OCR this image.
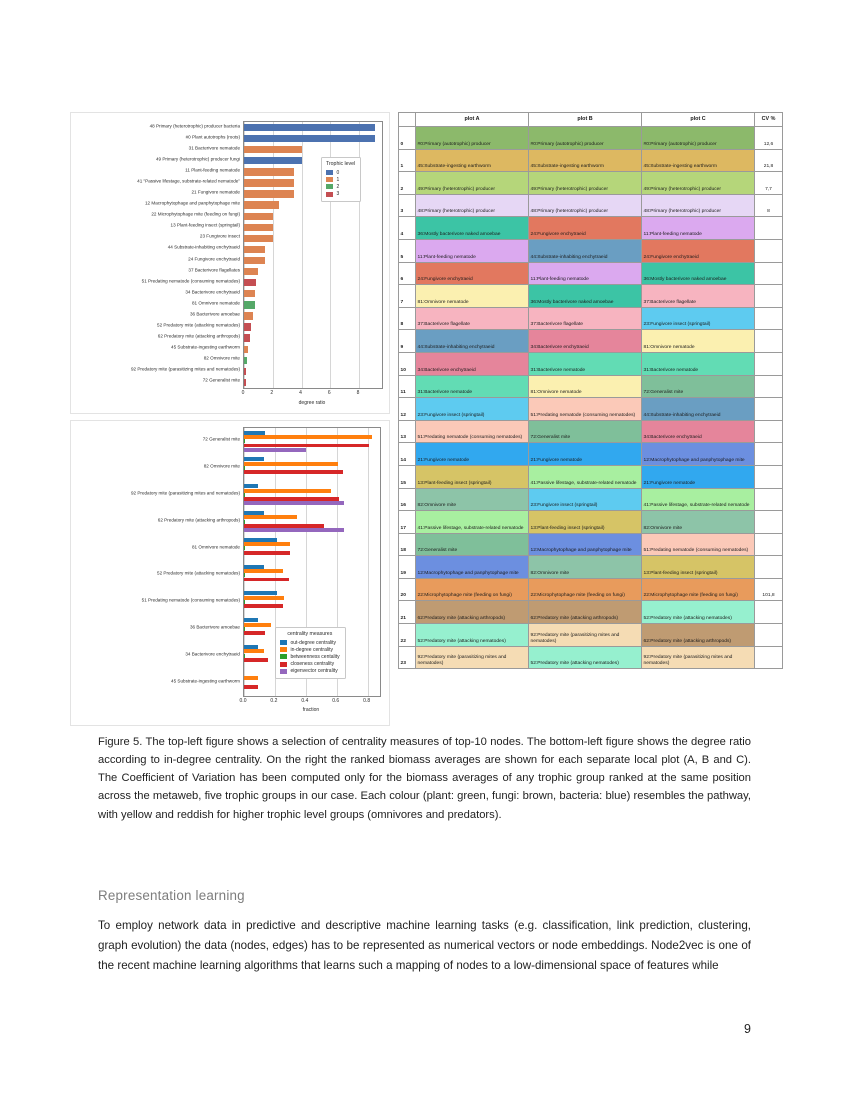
0	2	4	6	8
degree ratio
48 Primary (heterotrophic) producer bacteria
#0 Plant autotrophs (roots)
31 Bacterivore nematode
49 Primary (heterotrophic) producer fungi
11 Plant-feeding nematode
41 "Passive lifestage, substrate-related nematode"
21 Fungivore nematode
12 Macrophytophage and panphytophage mite
22 Microphytophage mite (feeding on fungi)
13 Plant-feeding insect (springtail)
23 Fungivore insect
44 Substrate-inhabiting enchytraeid
24 Fungivore enchytraeid
37 Bacterivore flagellates
51 Predating nematode (consuming nematodes)
34 Bacterivore enchytraeid
81 Omnivore nematode
36 Bacterivore amoebae
52 Predatory mite (attacking nematodes)
62 Predatory mite (attacking arthropods)
45 Substrate-ingesting earthworm
82 Omnivore mite
92 Predatory mite (parasitizing mites and nematodes)
72 Generalist mite
Trophic level
0
1
2
3
0.0	0.2	0.4	0.6	0.8
fraction
72 Generalist mite
82 Omnivore mite
92 Predatory mite (parasitizing mites and nematodes)
62 Predatory mite (attacking arthropods)
81 Omnivore nematode
52 Predatory mite (attacking nematodes)
51 Predating nematode (consuming nematodes)
36 Bacterivore amoebae
34 Bacterivore enchytraeid
45 Substrate-ingesting earthworm
centrality measures
out-degree centrality
in-degree centrality
betweenness centality
closeness centrality
eigenvector centrality
	plot A	plot B	plot C	CV %
0	#0:Primary (autotrophic) producer	#0:Primary (autotrophic) producer	#0:Primary (autotrophic) producer	12,6
1	45:Substrate-ingesting earthworm	45:Substrate-ingesting earthworm	45:Substrate-ingesting earthworm	21,8
2	49:Primary (heterotrophic) producer	49:Primary (heterotrophic) producer	49:Primary (heterotrophic) producer	7,7
3	48:Primary (heterotrophic) producer	48:Primary (heterotrophic) producer	48:Primary (heterotrophic) producer	8
4	36:Mostly bacterivore naked amoebae	24:Fungivore enchytraeid	11:Plant-feeding nematode	
5	11:Plant-feeding nematode	44:Substrate-inhabiting enchytraeid	24:Fungivore enchytraeid	
6	24:Fungivore enchytraeid	11:Plant-feeding nematode	36:Mostly bacterivore naked amoebae	
7	81:Omnivore nematode	36:Mostly bacterivore naked amoebae	37:Bacterivore flagellate	
8	37:Bacterivore flagellate	37:Bacterivore flagellate	23:Fungivore insect (springtail)	
9	44:Substrate-inhabiting enchytraeid	34:Bacterivore enchytraeid	81:Omnivore nematode	
10	34:Bacterivore enchytraeid	31:Bacterivore nematode	31:Bacterivore nematode	
11	31:Bacterivore nematode	81:Omnivore nematode	72:Generalist mite	
12	23:Fungivore insect (springtail)	51:Predating nematode (consuming nematodes)	44:Substrate-inhabiting enchytraeid	
13	51:Predating nematode (consuming nematodes)	72:Generalist mite	34:Bacterivore enchytraeid	
14	21:Fungivore nematode	21:Fungivore nematode	12:Macrophytophage and panphytophage mite	
15	13:Plant-feeding insect (springtail)	41:Passive lifestage, substrate-related nematode	21:Fungivore nematode	
16	82:Omnivore mite	23:Fungivore insect (springtail)	41:Passive lifestage, substrate-related nematode	
17	41:Passive lifestage, substrate-related nematode	13:Plant-feeding insect (springtail)	82:Omnivore mite	
18	72:Generalist mite	12:Macrophytophage and panphytophage mite	51:Predating nematode (consuming nematodes)	
19	12:Macrophytophage and panphytophage mite	82:Omnivore mite	13:Plant-feeding insect (springtail)	
20	22:Microphytophage mite (feeding on fungi)	22:Microphytophage mite (feeding on fungi)	22:Microphytophage mite (feeding on fungi)	101,8
21	62:Predatory mite (attacking arthropods)	62:Predatory mite (attacking arthropods)	52:Predatory mite (attacking nematodes)	
22	52:Predatory mite (attacking nematodes)	92:Predatory mite (parasitizing mites and nematodes)	62:Predatory mite (attacking arthropods)	
23	92:Predatory mite (parasitizing mites and nematodes)	52:Predatory mite (attacking nematodes)	92:Predatory mite (parasitizing mites and nematodes)	
Figure 5. The top-left figure shows a selection of centrality measures of top-10 nodes. The bottom-left figure shows the degree ratio according to in-degree centrality. On the right the ranked biomass averages are shown for each separate local plot (A, B and C). The Coefficient of Variation has been computed only for the biomass averages of any trophic group ranked at the same position across the metaweb, five trophic groups in our case. Each colour (plant: green, fungi: brown, bacteria: blue) resembles the pathway, with yellow and reddish for higher trophic level groups (omnivores and predators).
Representation learning
To employ network data in predictive and descriptive machine learning tasks (e.g. classification, link prediction, clustering, graph evolution) the data (nodes, edges) has to be represented as numerical vectors or node embeddings. Node2vec is one of the recent machine learning algorithms that learns such a mapping of nodes to a low-dimensional space of features while
9
